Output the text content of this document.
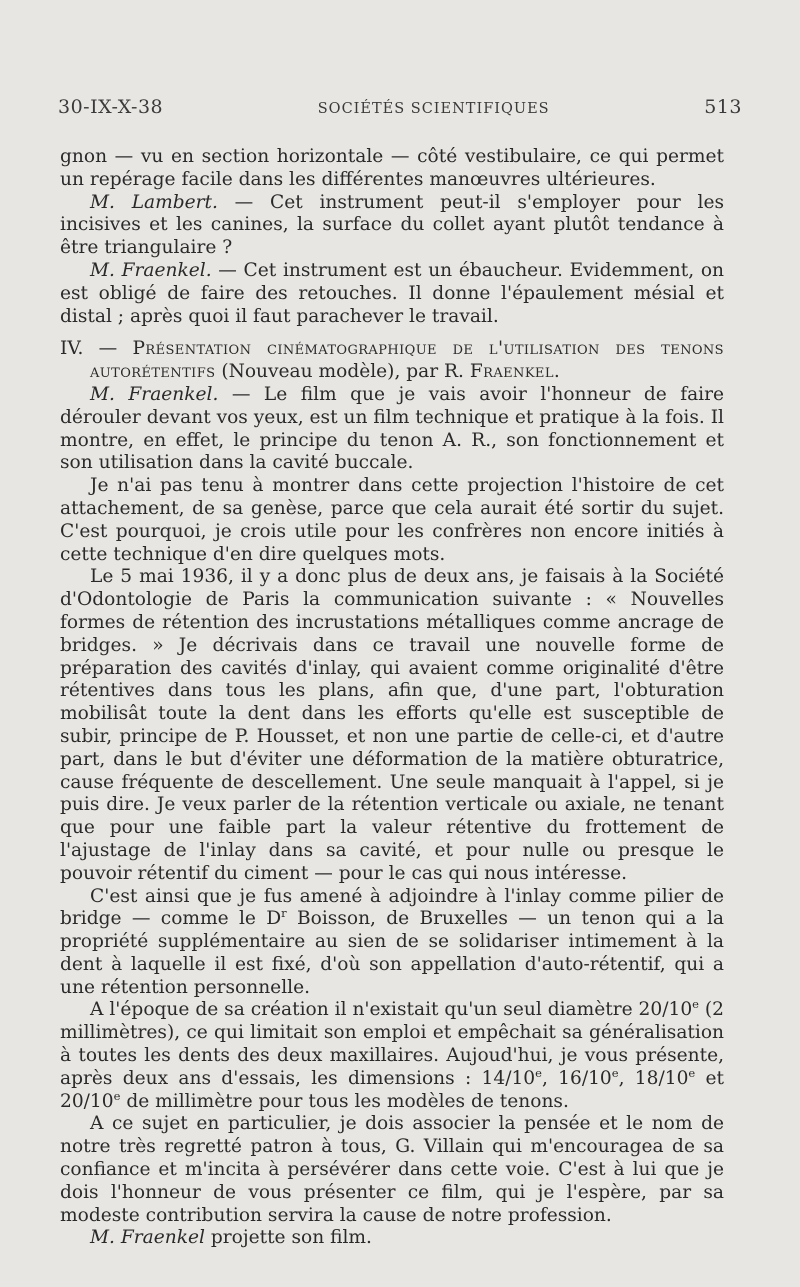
30-IX-X-38	SOCIÉTÉS SCIENTIFIQUES	513

gnon — vu en section horizontale — côté vestibulaire, ce qui permet un repérage facile dans les différentes manœuvres ultérieures.

M. Lambert. — Cet instrument peut-il s'employer pour les incisives et les canines, la surface du collet ayant plutôt tendance à être triangulaire ?

M. Fraenkel. — Cet instrument est un ébaucheur. Evidemment, on est obligé de faire des retouches. Il donne l'épaulement mésial et distal ; après quoi il faut parachever le travail.

IV. — Présentation cinématographique de l'utilisation des tenons autorétentifs (Nouveau modèle), par R. Fraenkel.

M. Fraenkel. — Le film que je vais avoir l'honneur de faire dérouler devant vos yeux, est un film technique et pratique à la fois. Il montre, en effet, le principe du tenon A. R., son fonctionnement et son utilisation dans la cavité buccale.

Je n'ai pas tenu à montrer dans cette projection l'histoire de cet attachement, de sa genèse, parce que cela aurait été sortir du sujet. C'est pourquoi, je crois utile pour les confrères non encore initiés à cette technique d'en dire quelques mots.

Le 5 mai 1936, il y a donc plus de deux ans, je faisais à la Société d'Odontologie de Paris la communication suivante : « Nouvelles formes de rétention des incrustations métalliques comme ancrage de bridges. » Je décrivais dans ce travail une nouvelle forme de préparation des cavités d'inlay, qui avaient comme originalité d'être rétentives dans tous les plans, afin que, d'une part, l'obturation mobilisât toute la dent dans les efforts qu'elle est susceptible de subir, principe de P. Housset, et non une partie de celle-ci, et d'autre part, dans le but d'éviter une déformation de la matière obturatrice, cause fréquente de descellement. Une seule manquait à l'appel, si je puis dire. Je veux parler de la rétention verticale ou axiale, ne tenant que pour une faible part la valeur rétentive du frottement de l'ajustage de l'inlay dans sa cavité, et pour nulle ou presque le pouvoir rétentif du ciment — pour le cas qui nous intéresse.

C'est ainsi que je fus amené à adjoindre à l'inlay comme pilier de bridge — comme le $D^r$ Boisson, de Bruxelles — un tenon qui a la propriété supplémentaire au sien de se solidariser intimement à la dent à laquelle il est fixé, d'où son appellation d'auto-rétentif, qui a une rétention personnelle.

A l'époque de sa création il n'existait qu'un seul diamètre 20/10e (2 millimètres), ce qui limitait son emploi et empêchait sa généralisation à toutes les dents des deux maxillaires. Aujoud'hui, je vous présente, après deux ans d'essais, les dimensions : 14/10e, 16/10e, 18/10e et 20/10e de millimètre pour tous les modèles de tenons.

A ce sujet en particulier, je dois associer la pensée et le nom de notre très regretté patron à tous, G. Villain qui m'encouragea de sa confiance et m'incita à persévérer dans cette voie. C'est à lui que je dois l'honneur de vous présenter ce film, qui je l'espère, par sa modeste contribution servira la cause de notre profession.

M. Fraenkel projette son film.
